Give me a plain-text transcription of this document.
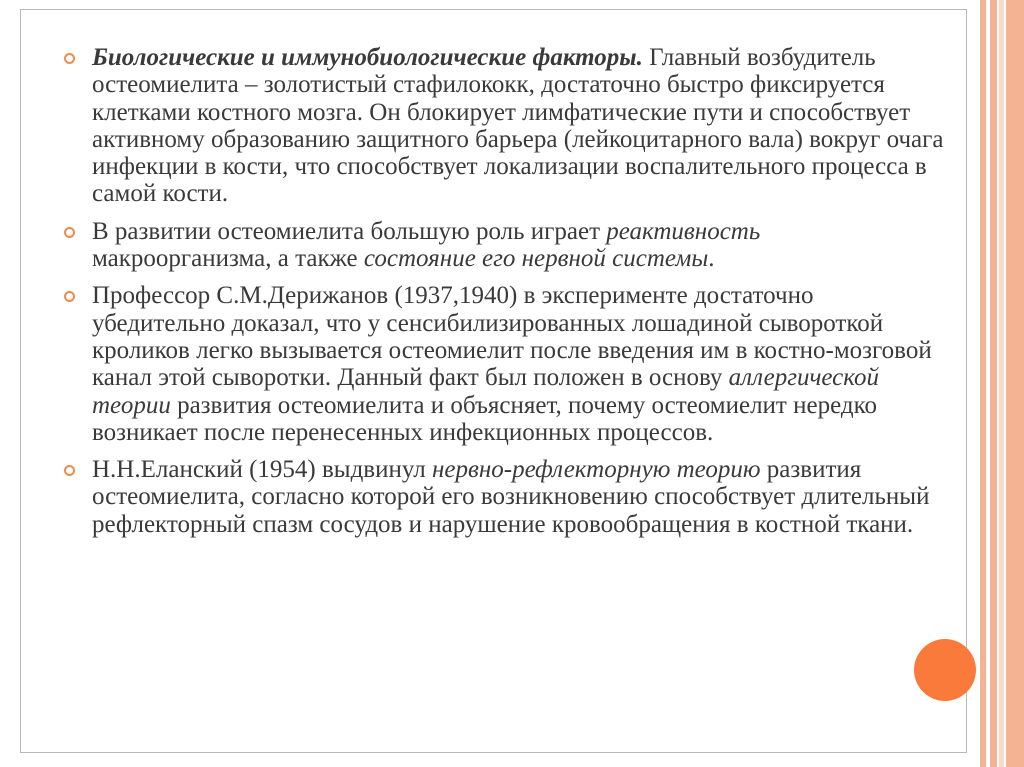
Биологические и иммунобиологические факторы. Главный возбудитель остеомиелита – золотистый стафилококк, достаточно быстро фиксируется клетками костного мозга. Он блокирует лимфатические пути и способствует активному образованию защитного барьера (лейкоцитарного вала) вокруг очага инфекции в кости, что способствует локализации воспалительного процесса в самой кости.
В развитии остеомиелита большую роль играет реактивность макроорганизма, а также состояние его нервной системы.
Профессор С.М.Дерижанов (1937,1940) в эксперименте достаточно убедительно доказал, что у сенсибилизированных лошадиной сывороткой кроликов легко вызывается остеомиелит после введения им в костно-мозговой канал этой сыворотки. Данный факт был положен в основу аллергической теории развития остеомиелита и объясняет, почему остеомиелит нередко возникает после перенесенных инфекционных процессов.
Н.Н.Еланский (1954) выдвинул нервно-рефлекторную теорию развития остеомиелита, согласно которой его возникновению способствует длительный рефлекторный спазм сосудов и нарушение кровообращения в костной ткани.
